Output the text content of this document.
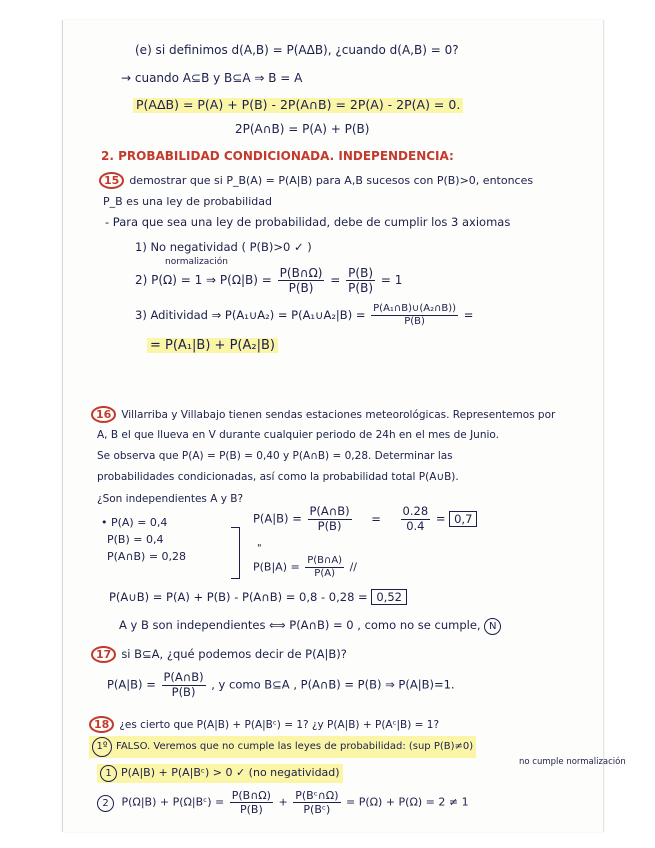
(e) si definimos d(A,B) = P(AΔB), ¿cuando d(A,B) = 0?
→ cuando A⊆B y B⊆A ⇒ B = A
P(AΔB) = P(A) + P(B) - 2P(A∩B) = 2P(A) - 2P(A) = 0.
2P(A∩B) = P(A) + P(B)
2. PROBABILIDAD CONDICIONADA. INDEPENDENCIA:
15 demostrar que si P_B(A) = P(A|B) para A,B sucesos con P(B)>0, entonces
P_B es una ley de probabilidad
- Para que sea una ley de probabilidad, debe de cumplir los 3 axiomas
1) No negatividad ( P(B)>0 ✓ )
normalización
2) P(Ω) = 1 ⇒ $P(\Omega|B) = \frac{P(B\cap\Omega)}{P(B)} = \frac{P(B)}{P(B)} = 1$
3) Aditividad ⇒ P(A₁∪A₂) = P(A₁∪A₂|B) = $\frac{\text{P(A₁∩B)∪(A₂∩B))}}{P(B)}$ =
= P(A₁|B) + P(A₂|B)
16 Villarriba y Villabajo tienen sendas estaciones meteorológicas. Representemos por
A, B el que llueva en V durante cualquier periodo de 24h en el mes de Junio.
Se observa que P(A) = P(B) = 0,40 y P(A∩B) = 0,28. Determinar las
probabilidades condicionadas, así como la probabilidad total P(A∪B).
¿Son independientes A y B?
• P(A) = 0,4
P(B) = 0,4
P(A∩B) = 0,28
$P(A|B) = \frac{P(A\cap B)}{P(B)} = \frac{0.28}{0.4} = 0,7$
"
$P(B|A) = \frac{P(B\cap A)}{P(A)}$ //
P(A∪B) = P(A) + P(B) - P(A∩B) = 0,8 - 0,28 = 0,52
A y B son independientes ⟺ P(A∩B) = 0 , como no se cumple, N
17 si B⊆A, ¿qué podemos decir de P(A|B)?
$P(A|B) = \frac{P(A\cap B)}{P(B)}$ , y como B⊆A , P(A∩B) = P(B) ⇒ P(A|B)=1.
18 ¿es cierto que P(A|B) + P(A|Bᶜ) = 1? ¿y P(A|B) + P(Aᶜ|B) = 1?
1º FALSO. Veremos que no cumple las leyes de probabilidad: (sup P(B)≠0)
no cumple normalización
1 P(A|B) + P(A|Bᶜ) > 0 ✓ (no negatividad)
2 P(Ω|B) + P(Ω|Bᶜ) = $\frac{P(B\cap\Omega)}{P(B)} + \frac{\text{P(Bᶜ∩Ω)}}{\text{P(Bᶜ)}} = P(\Omega) + P(\Omega) = 2 \ne 1$
